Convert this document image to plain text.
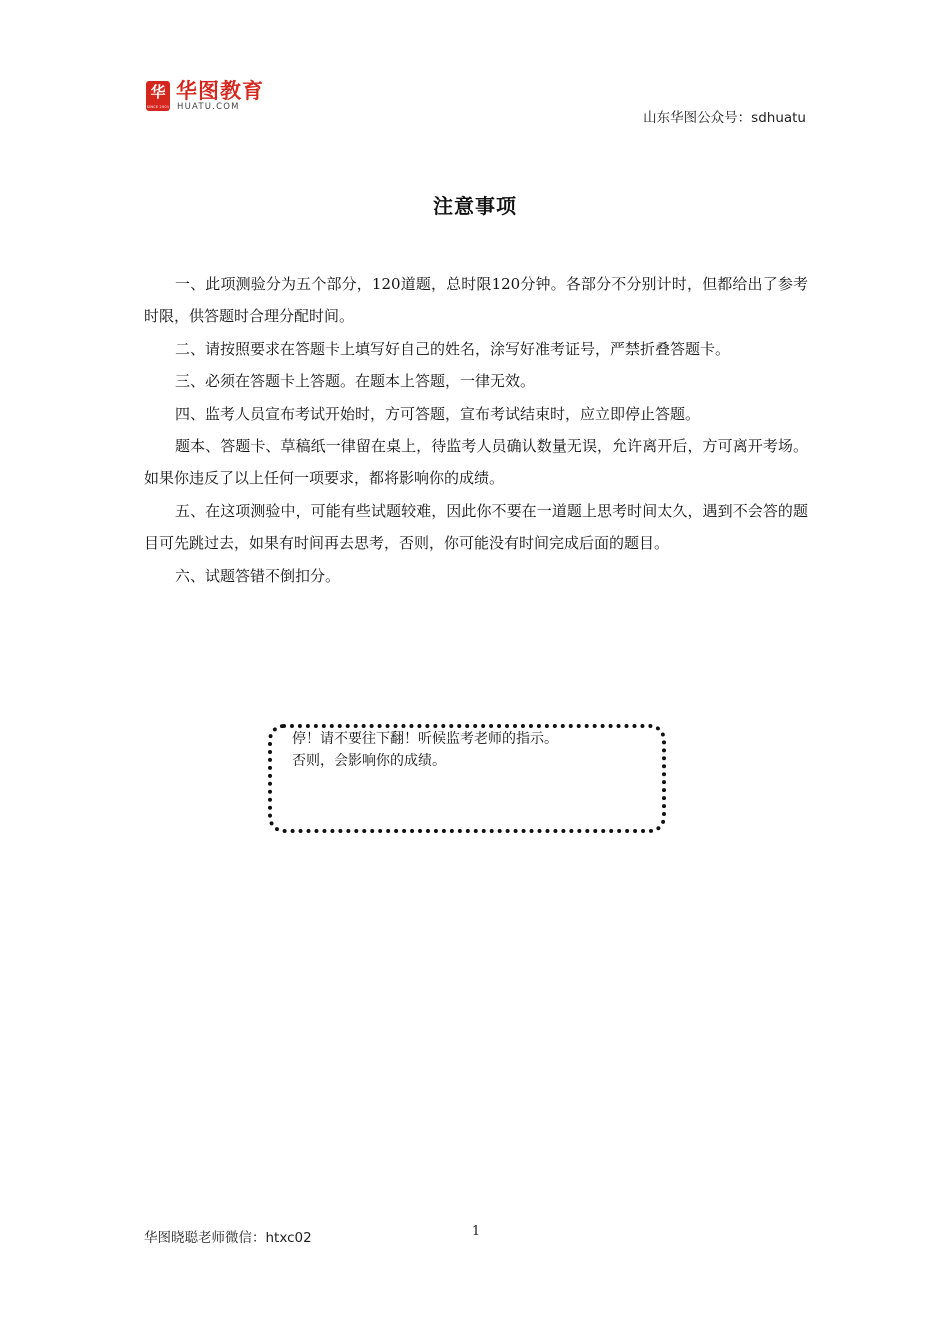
华
SINCE 2001
华图教育
HUATU.COM
山东华图公众号：sdhuatu
注意事项

一、此项测验分为五个部分，120道题，总时限120分钟。各部分不分别计时，但都给出了参考时限，供答题时合理分配时间。

二、请按照要求在答题卡上填写好自己的姓名，涂写好准考证号，严禁折叠答题卡。

三、必须在答题卡上答题。在题本上答题，一律无效。

四、监考人员宣布考试开始时，方可答题，宣布考试结束时，应立即停止答题。

题本、答题卡、草稿纸一律留在桌上，待监考人员确认数量无误，允许离开后，方可离开考场。如果你违反了以上任何一项要求，都将影响你的成绩。

五、在这项测验中，可能有些试题较难，因此你不要在一道题上思考时间太久，遇到不会答的题目可先跳过去，如果有时间再去思考，否则，你可能没有时间完成后面的题目。

六、试题答错不倒扣分。

停！请不要往下翻！听候监考老师的指示。
否则，会影响你的成绩。
华图晓聪老师微信：htxc02	1
